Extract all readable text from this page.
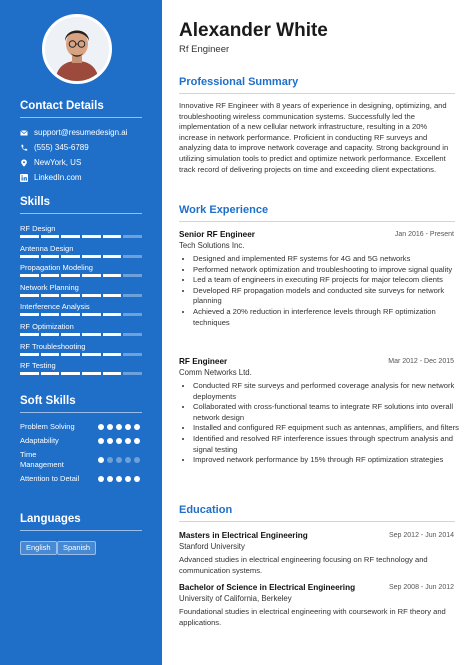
Contact Details
support@resumedesign.ai
(555) 345-6789
NewYork, US
LinkedIn.com
Skills
RF Design
Antenna Design
Propagation Modeling
Network Planning
Interference Analysis
RF Optimization
RF Troubleshooting
RF Testing
Soft Skills
Problem Solving
Adaptability
Time Management
Attention to Detail
Languages
English	Spanish
Alexander White
Rf Engineer
Professional Summary

Innovative RF Engineer with 8 years of experience in designing, optimizing, and troubleshooting wireless communication systems. Successfully led the implementation of a new cellular network infrastructure, resulting in a 20% increase in network performance. Proficient in conducting RF surveys and analyzing data to improve network coverage and capacity. Strong background in utilizing simulation tools to predict and optimize network performance. Excellent track record of delivering projects on time and exceeding client expectations.

Work Experience
Senior RF Engineer	Jan 2016 - Present
Tech Solutions Inc.
• Designed and implemented RF systems for 4G and 5G networks
• Performed network optimization and troubleshooting to improve signal quality
• Led a team of engineers in executing RF projects for major telecom clients
• Developed RF propagation models and conducted site surveys for network planning
• Achieved a 20% reduction in interference levels through RF optimization techniques
RF Engineer	Mar 2012 - Dec 2015
Comm Networks Ltd.
• Conducted RF site surveys and performed coverage analysis for new network deployments
• Collaborated with cross-functional teams to integrate RF solutions into overall network design
• Installed and configured RF equipment such as antennas, amplifiers, and filters
• Identified and resolved RF interference issues through spectrum analysis and signal testing
• Improved network performance by 15% through RF optimization strategies
Education
Masters in Electrical Engineering	Sep 2012 - Jun 2014
Stanford University

Advanced studies in electrical engineering focusing on RF technology and communication systems.

Bachelor of Science in Electrical Engineering	Sep 2008 - Jun 2012
University of California, Berkeley

Foundational studies in electrical engineering with coursework in RF theory and applications.
